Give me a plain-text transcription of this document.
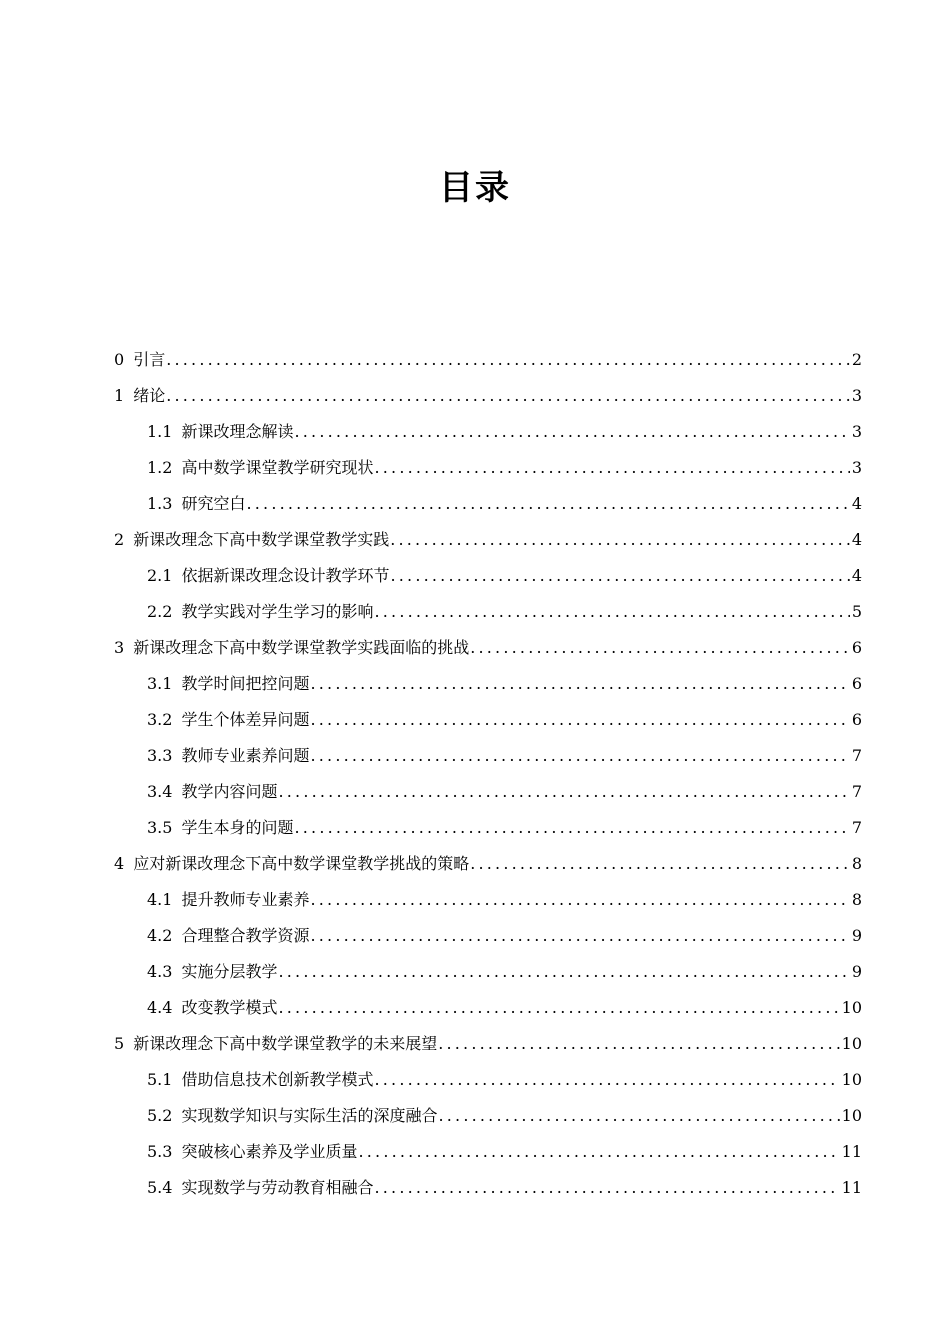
目录
0 引言 .....	2
1 绪论 .....	3
1.1 新课改理念解读 .....	3
1.2 高中数学课堂教学研究现状 .....	3
1.3 研究空白 .....	4
2 新课改理念下高中数学课堂教学实践 .....	4
2.1 依据新课改理念设计教学环节 .....	4
2.2 教学实践对学生学习的影响 .....	5
3 新课改理念下高中数学课堂教学实践面临的挑战 .....	6
3.1 教学时间把控问题 .....	6
3.2 学生个体差异问题 .....	6
3.3 教师专业素养问题 .....	7
3.4 教学内容问题 .....	7
3.5 学生本身的问题 .....	7
4 应对新课改理念下高中数学课堂教学挑战的策略 .....	8
4.1 提升教师专业素养 .....	8
4.2 合理整合教学资源 .....	9
4.3 实施分层教学 .....	9
4.4 改变教学模式 .....	10
5 新课改理念下高中数学课堂教学的未来展望 .....	10
5.1 借助信息技术创新教学模式 .....	10
5.2 实现数学知识与实际生活的深度融合 .....	10
5.3 突破核心素养及学业质量 .....	11
5.4 实现数学与劳动教育相融合 .....	11
